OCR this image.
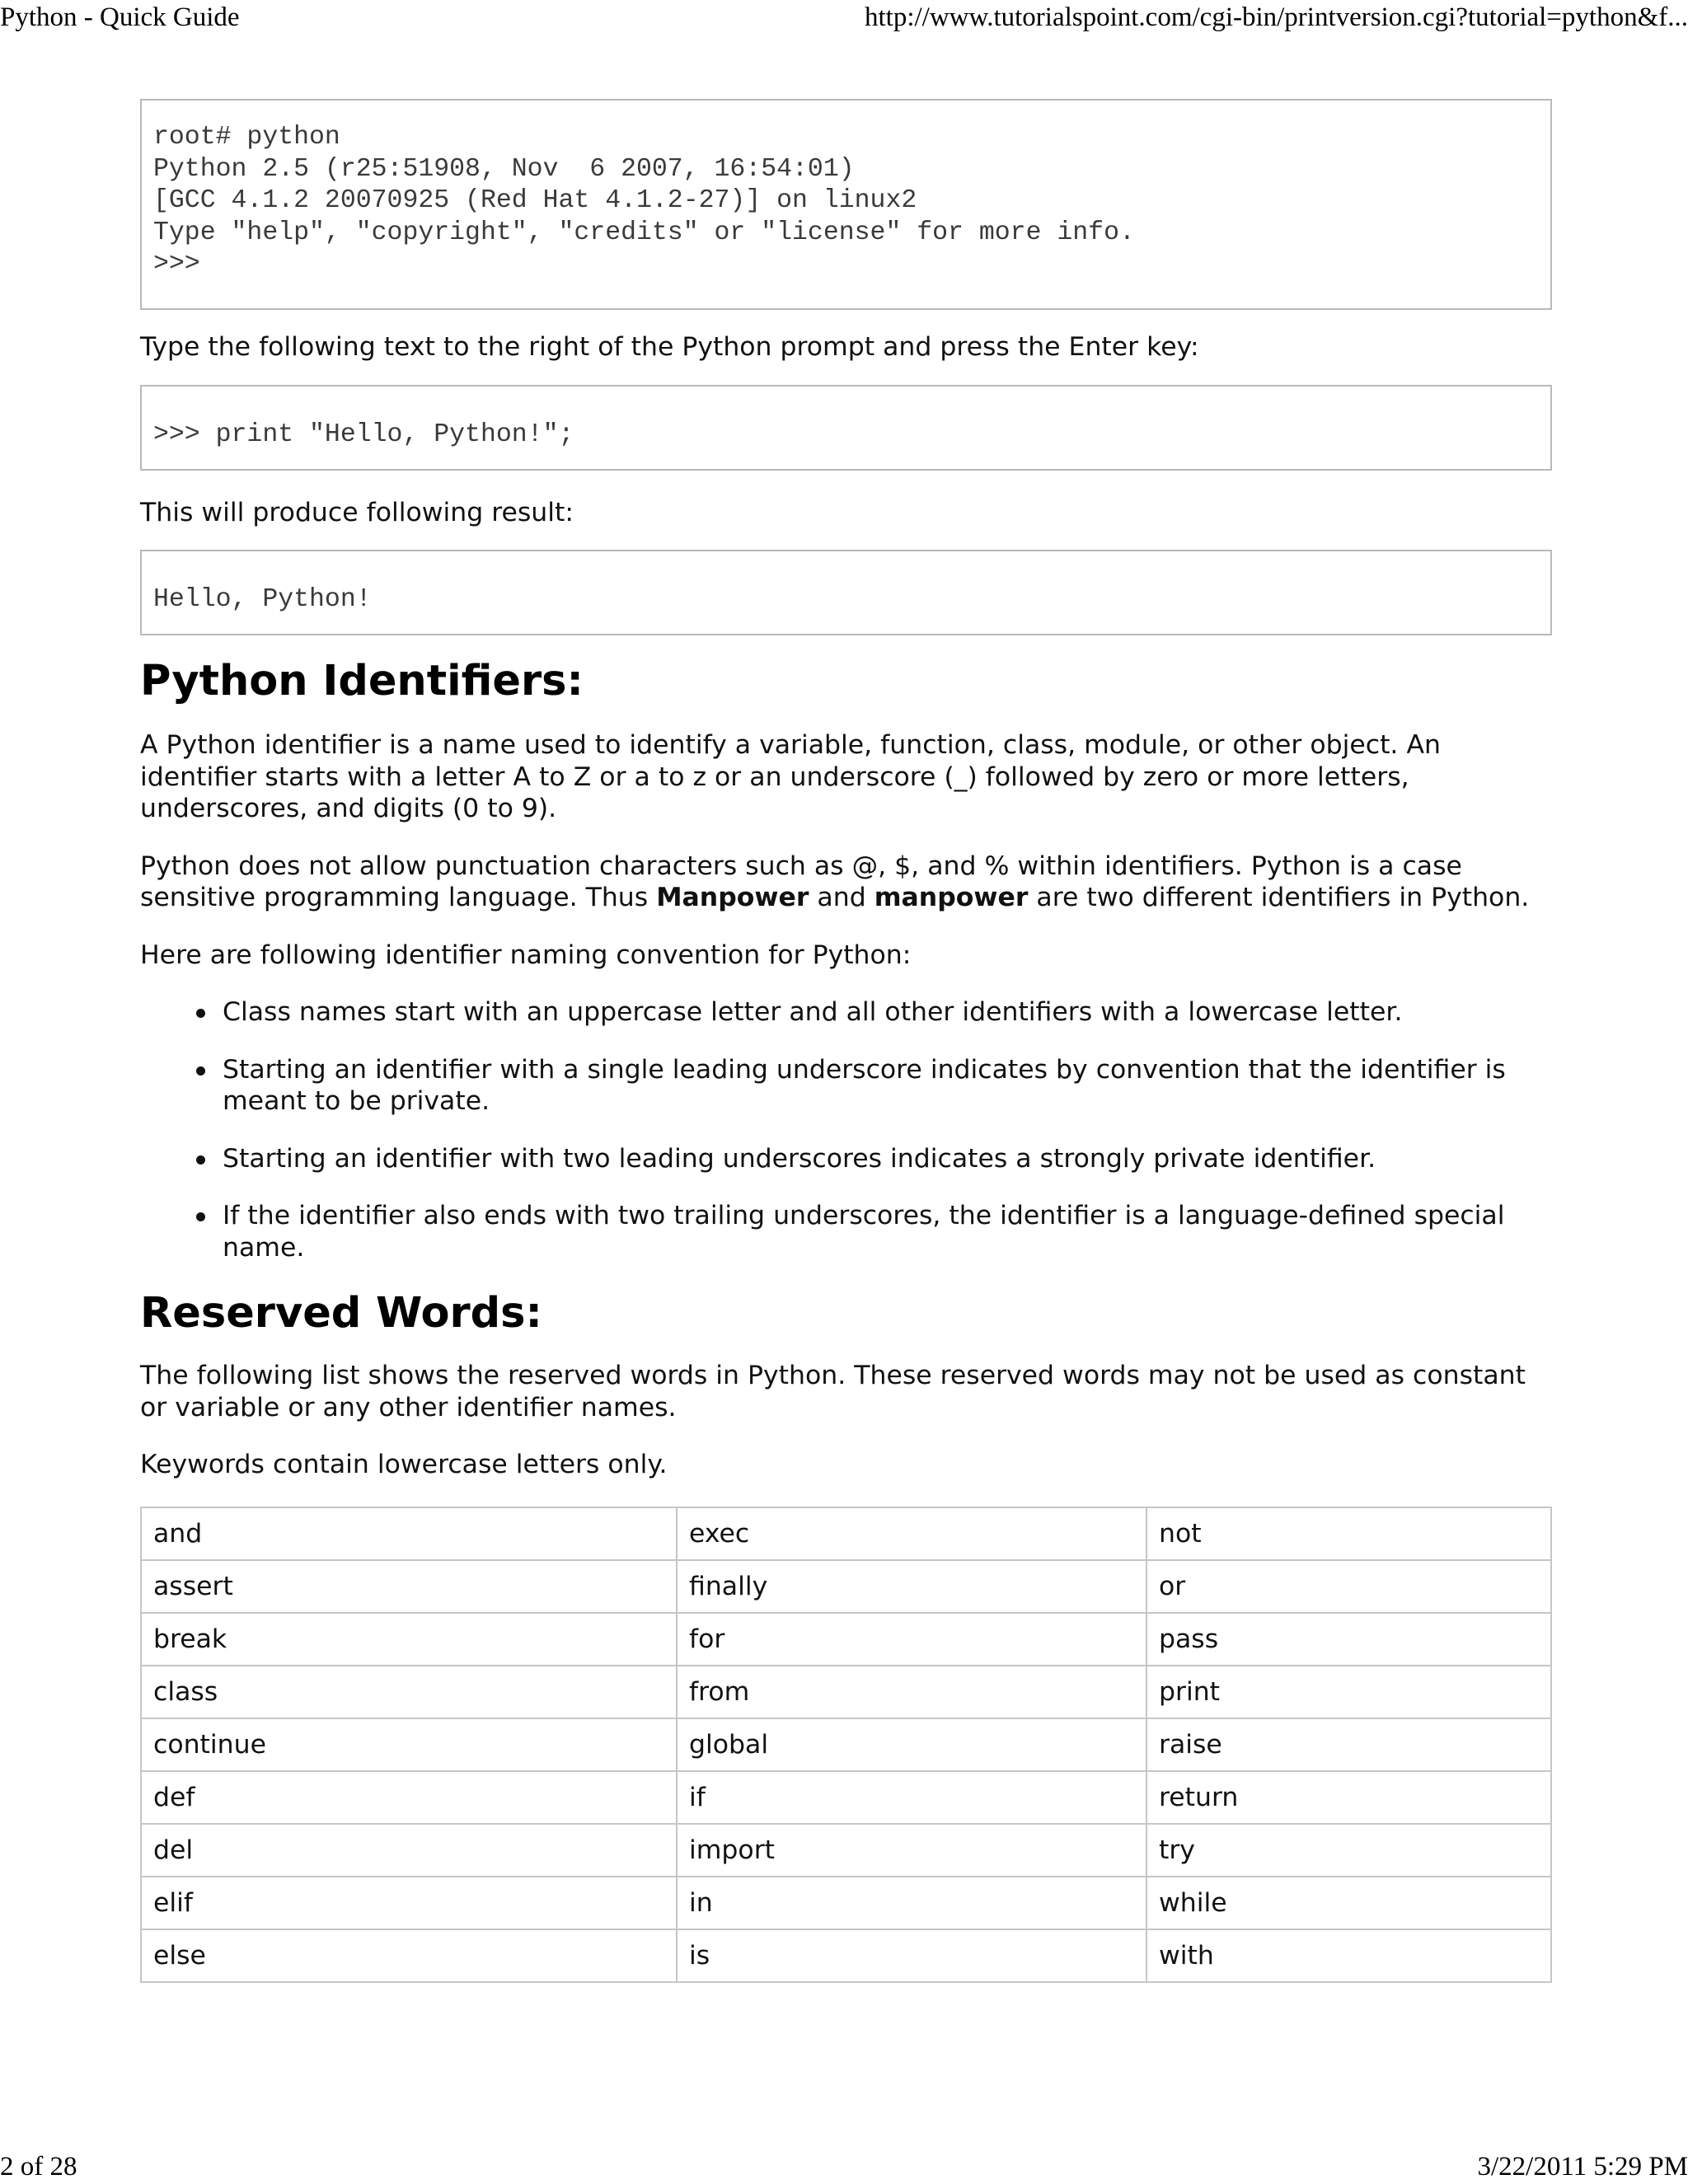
Python - Quick Guide	http://www.tutorialspoint.com/cgi-bin/printversion.cgi?tutorial=python&f...
root# python
Python 2.5 (r25:51908, Nov  6 2007, 16:54:01)
[GCC 4.1.2 20070925 (Red Hat 4.1.2-27)] on linux2
Type "help", "copyright", "credits" or "license" for more info.
>>>

Type the following text to the right of the Python prompt and press the Enter key:

>>> print "Hello, Python!";

This will produce following result:

Hello, Python!
Python Identifiers:

A Python identifier is a name used to identify a variable, function, class, module, or other object. An identifier starts with a letter A to Z or a to z or an underscore (_) followed by zero or more letters, underscores, and digits (0 to 9).

Python does not allow punctuation characters such as @, $, and % within identifiers. Python is a case sensitive programming language. Thus Manpower and manpower are two different identifiers in Python.

Here are following identifier naming convention for Python:

Class names start with an uppercase letter and all other identifiers with a lowercase letter.
Starting an identifier with a single leading underscore indicates by convention that the identifier is meant to be private.
Starting an identifier with two leading underscores indicates a strongly private identifier.
If the identifier also ends with two trailing underscores, the identifier is a language-defined special name.
Reserved Words:

The following list shows the reserved words in Python. These reserved words may not be used as constant or variable or any other identifier names.

Keywords contain lowercase letters only.

and	exec	not
assert	finally	or
break	for	pass
class	from	print
continue	global	raise
def	if	return
del	import	try
elif	in	while
else	is	with
2 of 28	3/22/2011 5:29 PM
